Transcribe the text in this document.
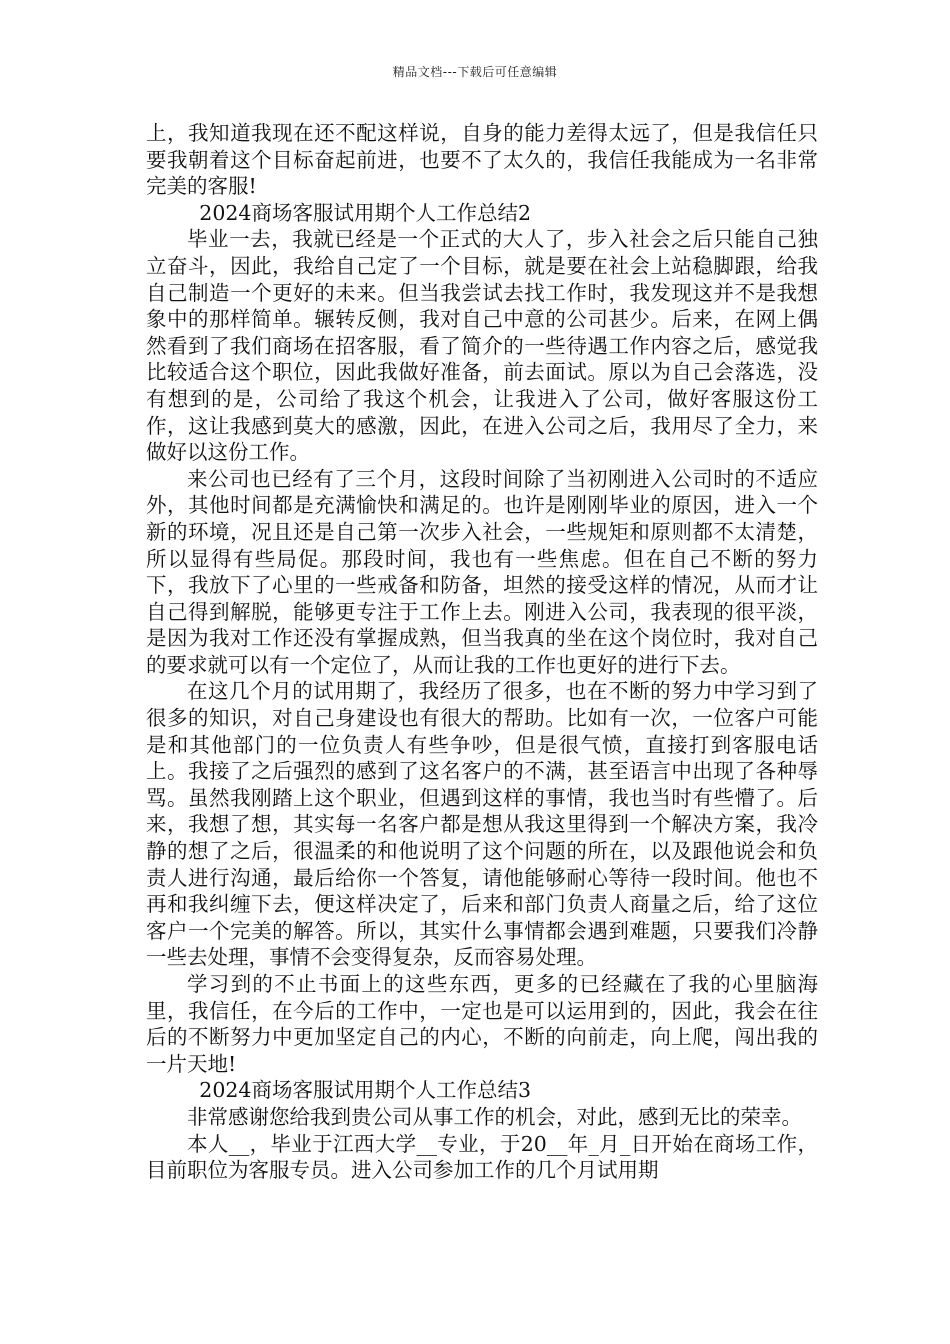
精品文档---下载后可任意编辑

上，我知道我现在还不配这样说，自身的能力差得太远了，但是我信任只要我朝着这个目标奋起前进，也要不了太久的，我信任我能成为一名非常完美的客服!

2024商场客服试用期个人工作总结2

毕业一去，我就已经是一个正式的大人了，步入社会之后只能自己独立奋斗，因此，我给自己定了一个目标，就是要在社会上站稳脚跟，给我自己制造一个更好的未来。但当我尝试去找工作时，我发现这并不是我想象中的那样简单。辗转反侧，我对自己中意的公司甚少。后来，在网上偶然看到了我们商场在招客服，看了简介的一些待遇工作内容之后，感觉我比较适合这个职位，因此我做好准备，前去面试。原以为自己会落选，没有想到的是，公司给了我这个机会，让我进入了公司，做好客服这份工作，这让我感到莫大的感激，因此，在进入公司之后，我用尽了全力，来做好以这份工作。

来公司也已经有了三个月，这段时间除了当初刚进入公司时的不适应外，其他时间都是充满愉快和满足的。也许是刚刚毕业的原因，进入一个新的环境，况且还是自己第一次步入社会，一些规矩和原则都不太清楚，所以显得有些局促。那段时间，我也有一些焦虑。但在自己不断的努力下，我放下了心里的一些戒备和防备，坦然的接受这样的情况，从而才让自己得到解脱，能够更专注于工作上去。刚进入公司，我表现的很平淡，是因为我对工作还没有掌握成熟，但当我真的坐在这个岗位时，我对自己的要求就可以有一个定位了，从而让我的工作也更好的进行下去。

在这几个月的试用期了，我经历了很多，也在不断的努力中学习到了很多的知识，对自己身建设也有很大的帮助。比如有一次，一位客户可能是和其他部门的一位负责人有些争吵，但是很气愤，直接打到客服电话上。我接了之后强烈的感到了这名客户的不满，甚至语言中出现了各种辱骂。虽然我刚踏上这个职业，但遇到这样的事情，我也当时有些懵了。后来，我想了想，其实每一名客户都是想从我这里得到一个解决方案，我冷静的想了之后，很温柔的和他说明了这个问题的所在，以及跟他说会和负责人进行沟通，最后给你一个答复，请他能够耐心等待一段时间。他也不再和我纠缠下去，便这样决定了，后来和部门负责人商量之后，给了这位客户一个完美的解答。所以，其实什么事情都会遇到难题，只要我们冷静一些去处理，事情不会变得复杂，反而容易处理。

学习到的不止书面上的这些东西，更多的已经藏在了我的心里脑海里，我信任，在今后的工作中，一定也是可以运用到的，因此，我会在往后的不断努力中更加坚定自己的内心，不断的向前走，向上爬，闯出我的一片天地!

2024商场客服试用期个人工作总结3

非常感谢您给我到贵公司从事工作的机会，对此，感到无比的荣幸。

本人__，毕业于江西大学__专业，于20__年_月_日开始在商场工作，目前职位为客服专员。进入公司参加工作的几个月试用期
